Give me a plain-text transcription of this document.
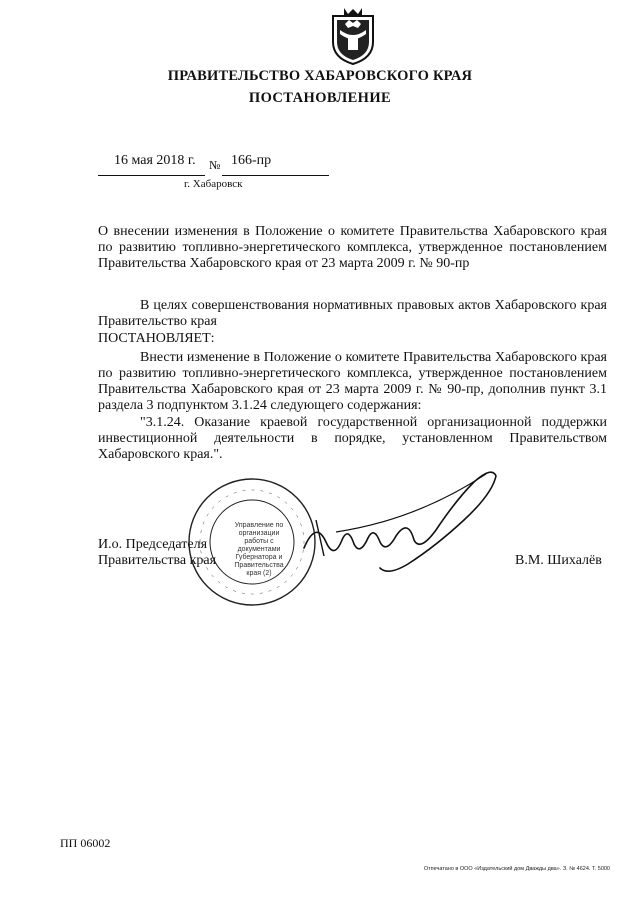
ПРАВИТЕЛЬСТВО ХАБАРОВСКОГО КРАЯ
ПОСТАНОВЛЕНИЕ
16 мая 2018 г. № 166-пр
г. Хабаровск
О внесении изменения в Положение о комитете Правительства Хабаровского края по развитию топливно-энергетического комплекса, утвержденное постановлением Правительства Хабаровского края от 23 марта 2009 г. № 90-пр
В целях совершенствования нормативных правовых актов Хабаровского края Правительство края
ПОСТАНОВЛЯЕТ:
Внести изменение в Положение о комитете Правительства Хабаровского края по развитию топливно-энергетического комплекса, утвержденное постановлением Правительства Хабаровского края от 23 марта 2009 г. № 90-пр, дополнив пункт 3.1 раздела 3 подпунктом 3.1.24 следующего содержания:
"3.1.24. Оказание краевой государственной организационной поддержки инвестиционной деятельности в порядке, установленном Правительством Хабаровского края.".
И.о. Председателя
Правительства края	В.М. Шихалёв
Управление по организации работы с документами Губернатора и Правительства края (2)
ПП 06002
Отпечатано в ООО «Издательский дом Дважды два». З. № 4624. Т. 5000
